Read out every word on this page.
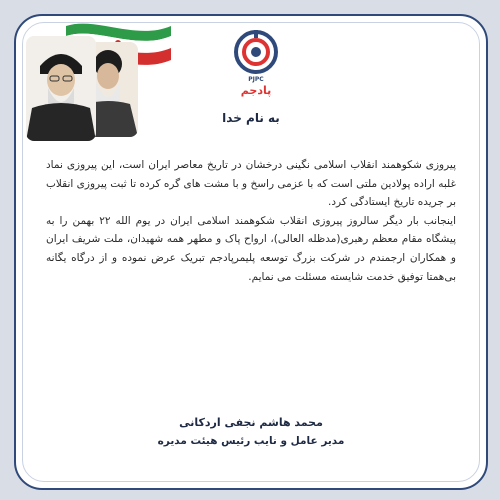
PJPC
پادجم
به نام خدا

پیروزی شکوهمند انقلاب اسلامی نگینی درخشان در تاریخ معاصر ایران است، این پیروزی نماد غلبه اراده پولادین ملتی است که با عزمی راسخ و با مشت های گره کرده تا ثبت پیروزی انقلاب بر جریده تاریخ ایستادگی کرد.

اینجانب بار دیگر سالروز پیروزی انقلاب شکوهمند اسلامی ایران در یوم الله ۲۲ بهمن را به پیشگاه مقام معظم رهبری(مدظله العالی)، ارواح پاک و مطهر همه شهیدان، ملت شریف ایران و همکاران ارجمندم در شرکت بزرگ توسعه پلیمرپادجم تبریک عرض نموده و از درگاه یگانه بی‌همتا توفیق خدمت شایسته مسئلت می نمایم.

محمد هاشم نجفی اردکانی
مدیر عامل و نایب رئیس هیئت مدیره
